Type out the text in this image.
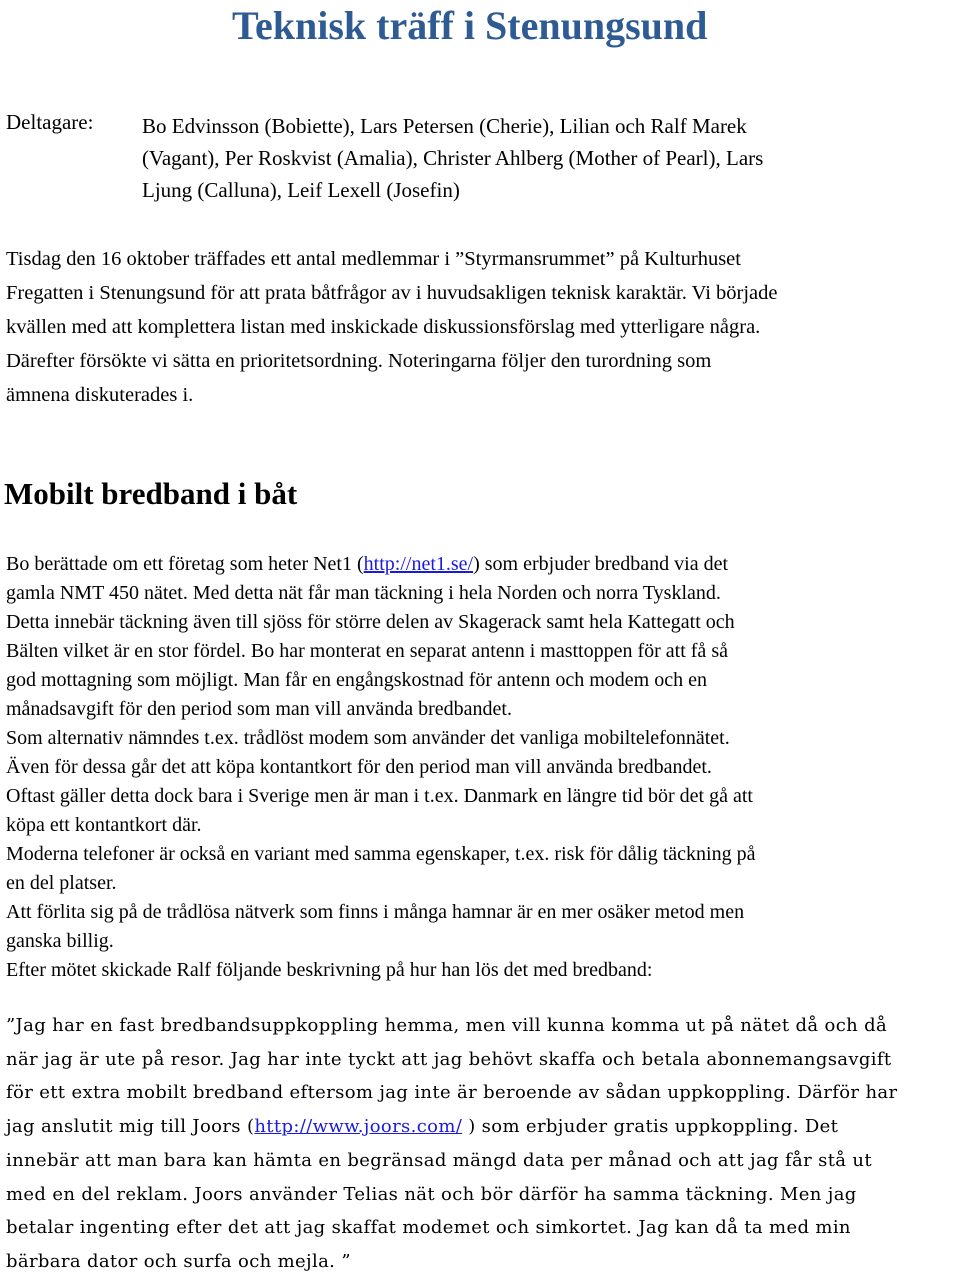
Teknisk träff i Stenungsund
Deltagare: Bo Edvinsson (Bobiette), Lars Petersen (Cherie), Lilian och Ralf Marek
(Vagant), Per Roskvist (Amalia), Christer Ahlberg (Mother of Pearl), Lars
Ljung (Calluna), Leif Lexell (Josefin)
Tisdag den 16 oktober träffades ett antal medlemmar i ”Styrmansrummet” på Kulturhuset
Fregatten i Stenungsund för att prata båtfrågor av i huvudsakligen teknisk karaktär. Vi började
kvällen med att komplettera listan med inskickade diskussionsförslag med ytterligare några.
Därefter försökte vi sätta en prioritetsordning. Noteringarna följer den turordning som
ämnena diskuterades i.
Mobilt bredband i båt
Bo berättade om ett företag som heter Net1 (http://net1.se/) som erbjuder bredband via det
gamla NMT 450 nätet. Med detta nät får man täckning i hela Norden och norra Tyskland.
Detta innebär täckning även till sjöss för större delen av Skagerack samt hela Kattegatt och
Bälten vilket är en stor fördel. Bo har monterat en separat antenn i masttoppen för att få så
god mottagning som möjligt. Man får en engångskostnad för antenn och modem och en
månadsavgift för den period som man vill använda bredbandet.
Som alternativ nämndes t.ex. trådlöst modem som använder det vanliga mobiltelefonnätet.
Även för dessa går det att köpa kontantkort för den period man vill använda bredbandet.
Oftast gäller detta dock bara i Sverige men är man i t.ex. Danmark en längre tid bör det gå att
köpa ett kontantkort där.
Moderna telefoner är också en variant med samma egenskaper, t.ex. risk för dålig täckning på
en del platser.
Att förlita sig på de trådlösa nätverk som finns i många hamnar är en mer osäker metod men
ganska billig.
Efter mötet skickade Ralf följande beskrivning på hur han lös det med bredband:
”Jag har en fast bredbandsuppkoppling hemma, men vill kunna komma ut på nätet då och då
när jag är ute på resor. Jag har inte tyckt att jag behövt skaffa och betala abonnemangsavgift
för ett extra mobilt bredband eftersom jag inte är beroende av sådan uppkoppling. Därför har
jag anslutit mig till Joors (http://www.joors.com/ ) som erbjuder gratis uppkoppling. Det
innebär att man bara kan hämta en begränsad mängd data per månad och att jag får stå ut
med en del reklam. Joors använder Telias nät och bör därför ha samma täckning. Men jag
betalar ingenting efter det att jag skaffat modemet och simkortet. Jag kan då ta med min
bärbara dator och surfa och mejla. ”
